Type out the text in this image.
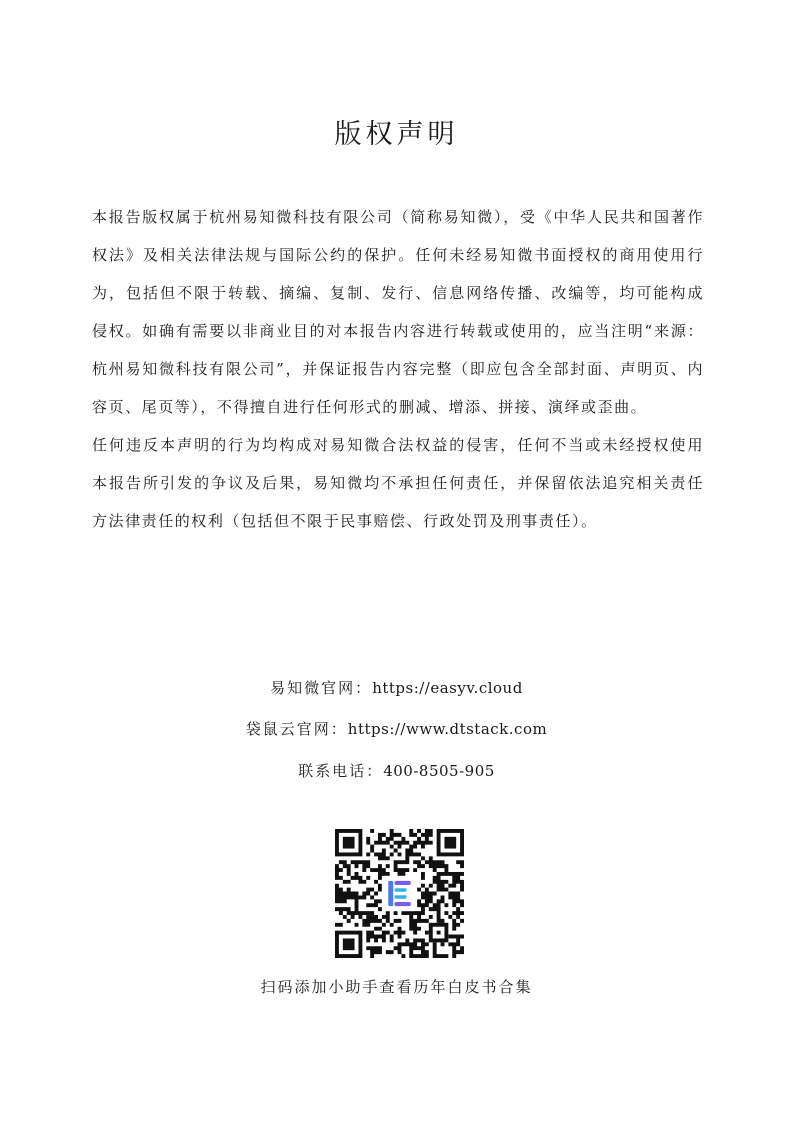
版权声明

本报告版权属于杭州易知微科技有限公司（简称易知微），受《中华人民共和国著作权法》及相关法律法规与国际公约的保护。任何未经易知微书面授权的商用使用行为，包括但不限于转载、摘编、复制、发行、信息网络传播、改编等，均可能构成侵权。如确有需要以非商业目的对本报告内容进行转载或使用的，应当注明“来源：杭州易知微科技有限公司”，并保证报告内容完整（即应包含全部封面、声明页、内容页、尾页等），不得擅自进行任何形式的删减、增添、拼接、演绎或歪曲。

任何违反本声明的行为均构成对易知微合法权益的侵害，任何不当或未经授权使用本报告所引发的争议及后果，易知微均不承担任何责任，并保留依法追究相关责任方法律责任的权利（包括但不限于民事赔偿、行政处罚及刑事责任）。

易知微官网：https://easyv.cloud
袋鼠云官网：https://www.dtstack.com
联系电话：400-8505-905
扫码添加小助手查看历年白皮书合集
